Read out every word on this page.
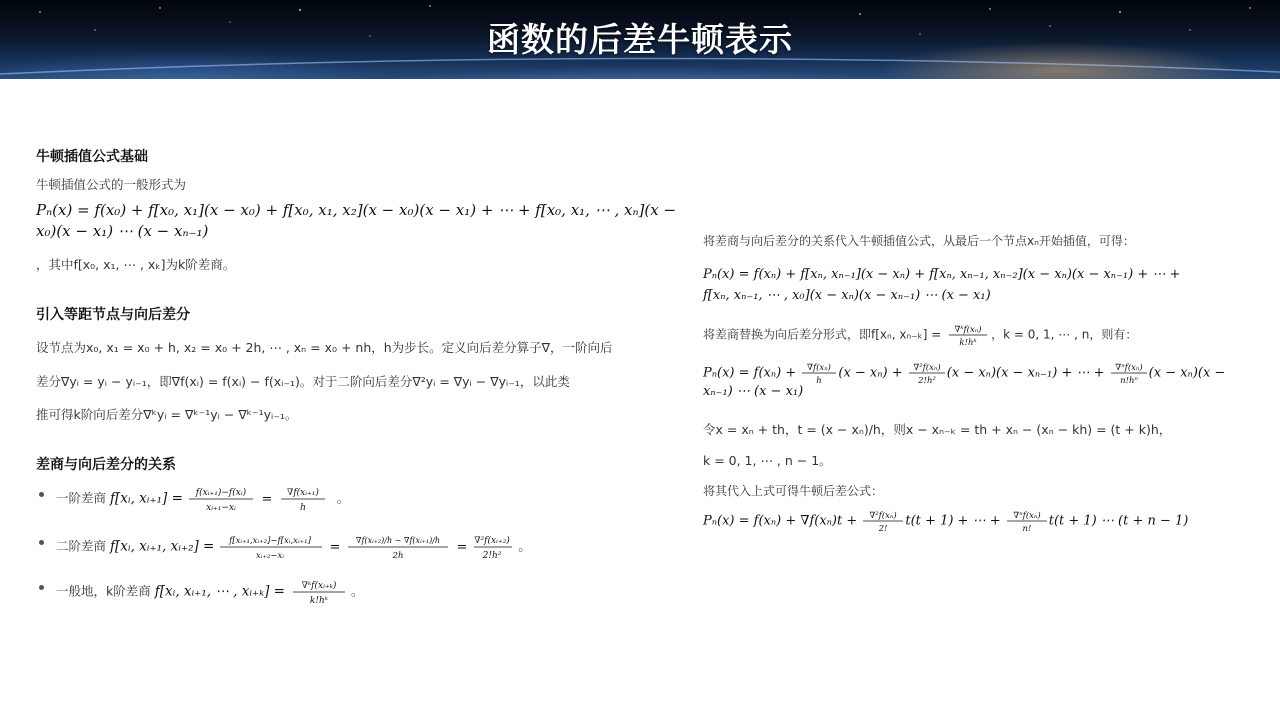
函数的后差牛顿表示
牛顿插值公式基础
牛顿插值公式的一般形式为
Pₙ(x) = f(x₀) + f[x₀, x₁](x − x₀) + f[x₀, x₁, x₂](x − x₀)(x − x₁) + ⋯ + f[x₀, x₁, ⋯ , xₙ](x −
x₀)(x − x₁) ⋯ (x − xₙ₋₁)
，其中f[x₀, x₁, ⋯ , xₖ]为k阶差商。
引入等距节点与向后差分
设节点为x₀, x₁ = x₀ + h, x₂ = x₀ + 2h, ⋯ , xₙ = x₀ + nh，h为步长。定义向后差分算子∇，一阶向后
差分∇yᵢ = yᵢ − yᵢ₋₁，即∇f(xᵢ) = f(xᵢ) − f(xᵢ₋₁)。对于二阶向后差分∇²yᵢ = ∇yᵢ − ∇yᵢ₋₁，以此类
推可得k阶向后差分∇ᵏyᵢ = ∇ᵏ⁻¹yᵢ − ∇ᵏ⁻¹yᵢ₋₁。
差商与向后差分的关系
一阶差商 f[xᵢ, xᵢ₊₁] = f(xᵢ₊₁)−f(xᵢ)
xᵢ₊₁−xᵢ
= ∇f(xᵢ₊₁)
h
。
二阶差商 f[xᵢ, xᵢ₊₁, xᵢ₊₂] = f[xᵢ₊₁,xᵢ₊₂]−f[xᵢ,xᵢ₊₁]
xᵢ₊₂−xᵢ
= ∇f(xᵢ₊₂)/h − ∇f(xᵢ₊₁)/h
2h
= ∇²f(xᵢ₊₂)
2!h²
。
一般地，k阶差商 f[xᵢ, xᵢ₊₁, ⋯ , xᵢ₊ₖ] = ∇ᵏf(xᵢ₊ₖ)
k!hᵏ
。
将差商与向后差分的关系代入牛顿插值公式，从最后一个节点xₙ开始插值，可得：
Pₙ(x) = f(xₙ) + f[xₙ, xₙ₋₁](x − xₙ) + f[xₙ, xₙ₋₁, xₙ₋₂](x − xₙ)(x − xₙ₋₁) + ⋯ +
f[xₙ, xₙ₋₁, ⋯ , x₀](x − xₙ)(x − xₙ₋₁) ⋯ (x − x₁)
将差商替换为向后差分形式，即f[xₙ, xₙ₋ₖ] = ∇ᵏf(xₙ)
k!hᵏ
，k = 0, 1, ⋯ , n，则有：
Pₙ(x) = f(xₙ) + ∇f(xₙ)
h
(x − xₙ) + ∇²f(xₙ)
2!h²
(x − xₙ)(x − xₙ₋₁) + ⋯ + ∇ⁿf(xₙ)
n!hⁿ
(x − xₙ)(x −
xₙ₋₁) ⋯ (x − x₁)
令x = xₙ + th，t = (x − xₙ)/h，则x − xₙ₋ₖ = th + xₙ − (xₙ − kh) = (t + k)h，
k = 0, 1, ⋯ , n − 1。
将其代入上式可得牛顿后差公式：
Pₙ(x) = f(xₙ) + ∇f(xₙ)t + ∇²f(xₙ)
2!
t(t + 1) + ⋯ + ∇ⁿf(xₙ)
n!
t(t + 1) ⋯ (t + n − 1)
